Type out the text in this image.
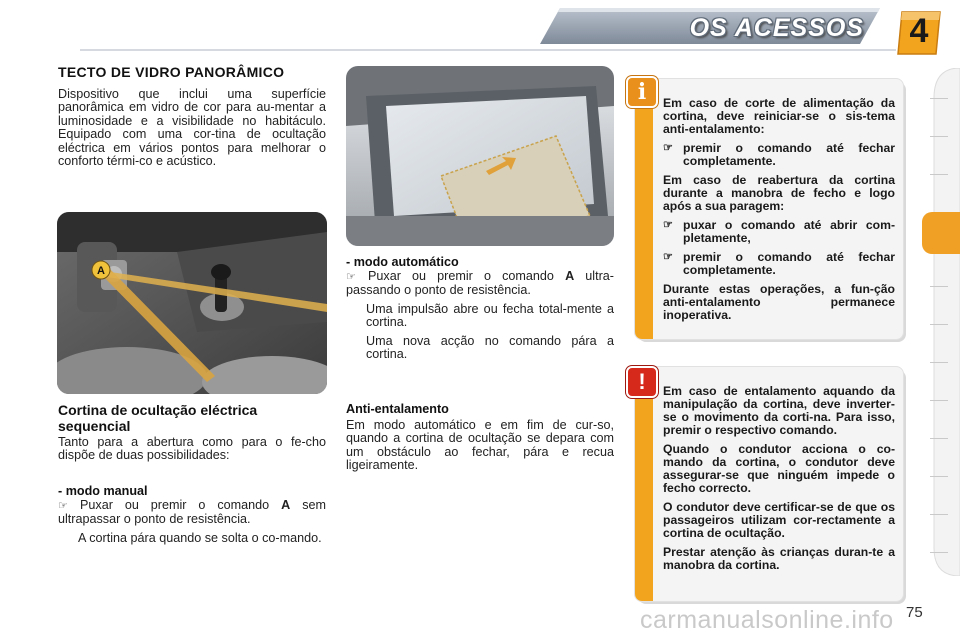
OS ACESSOS	4
TECTO DE VIDRO PANORÂMICO
Dispositivo que inclui uma superfície panorâmica em vidro de cor para au-mentar a luminosidade e a visibilidade no habitáculo. Equipado com uma cor-tina de ocultação eléctrica em vários pontos para melhorar o conforto térmi-co e acústico.
A
Cortina de ocultação eléctrica sequencial
Tanto para a abertura como para o fe-cho dispõe de duas possibilidades:
- modo manual
☞ Puxar ou premir o comando A sem ultrapassar o ponto de resistência.
A cortina pára quando se solta o co-mando.
- modo automático
☞ Puxar ou premir o comando A ultra-passando o ponto de resistência.
Uma impulsão abre ou fecha total-mente a cortina.
Uma nova acção no comando pára a cortina.
Anti-entalamento
Em modo automático e em fim de cur-so, quando a cortina de ocultação se depara com um obstáculo ao fechar, pára e recua ligeiramente.

Em caso de corte de alimentação da cortina, deve reiniciar-se o sis-tema anti-entalamento:

☞ premir o comando até fechar completamente.

Em caso de reabertura da cortina durante a manobra de fecho e logo após a sua paragem:

☞ puxar o comando até abrir com-pletamente,
☞ premir o comando até fechar completamente.

Durante estas operações, a fun-ção anti-entalamento permanece inoperativa.

i

Em caso de entalamento aquando da manipulação da cortina, deve inverter-se o movimento da corti-na. Para isso, premir o respectivo comando.

Quando o condutor acciona o co-mando da cortina, o condutor deve assegurar-se que ninguém impede o fecho correcto.

O condutor deve certificar-se de que os passageiros utilizam cor-rectamente a cortina de ocultação.

Prestar atenção às crianças duran-te a manobra da cortina.

!
carmanualsonline.info 75
